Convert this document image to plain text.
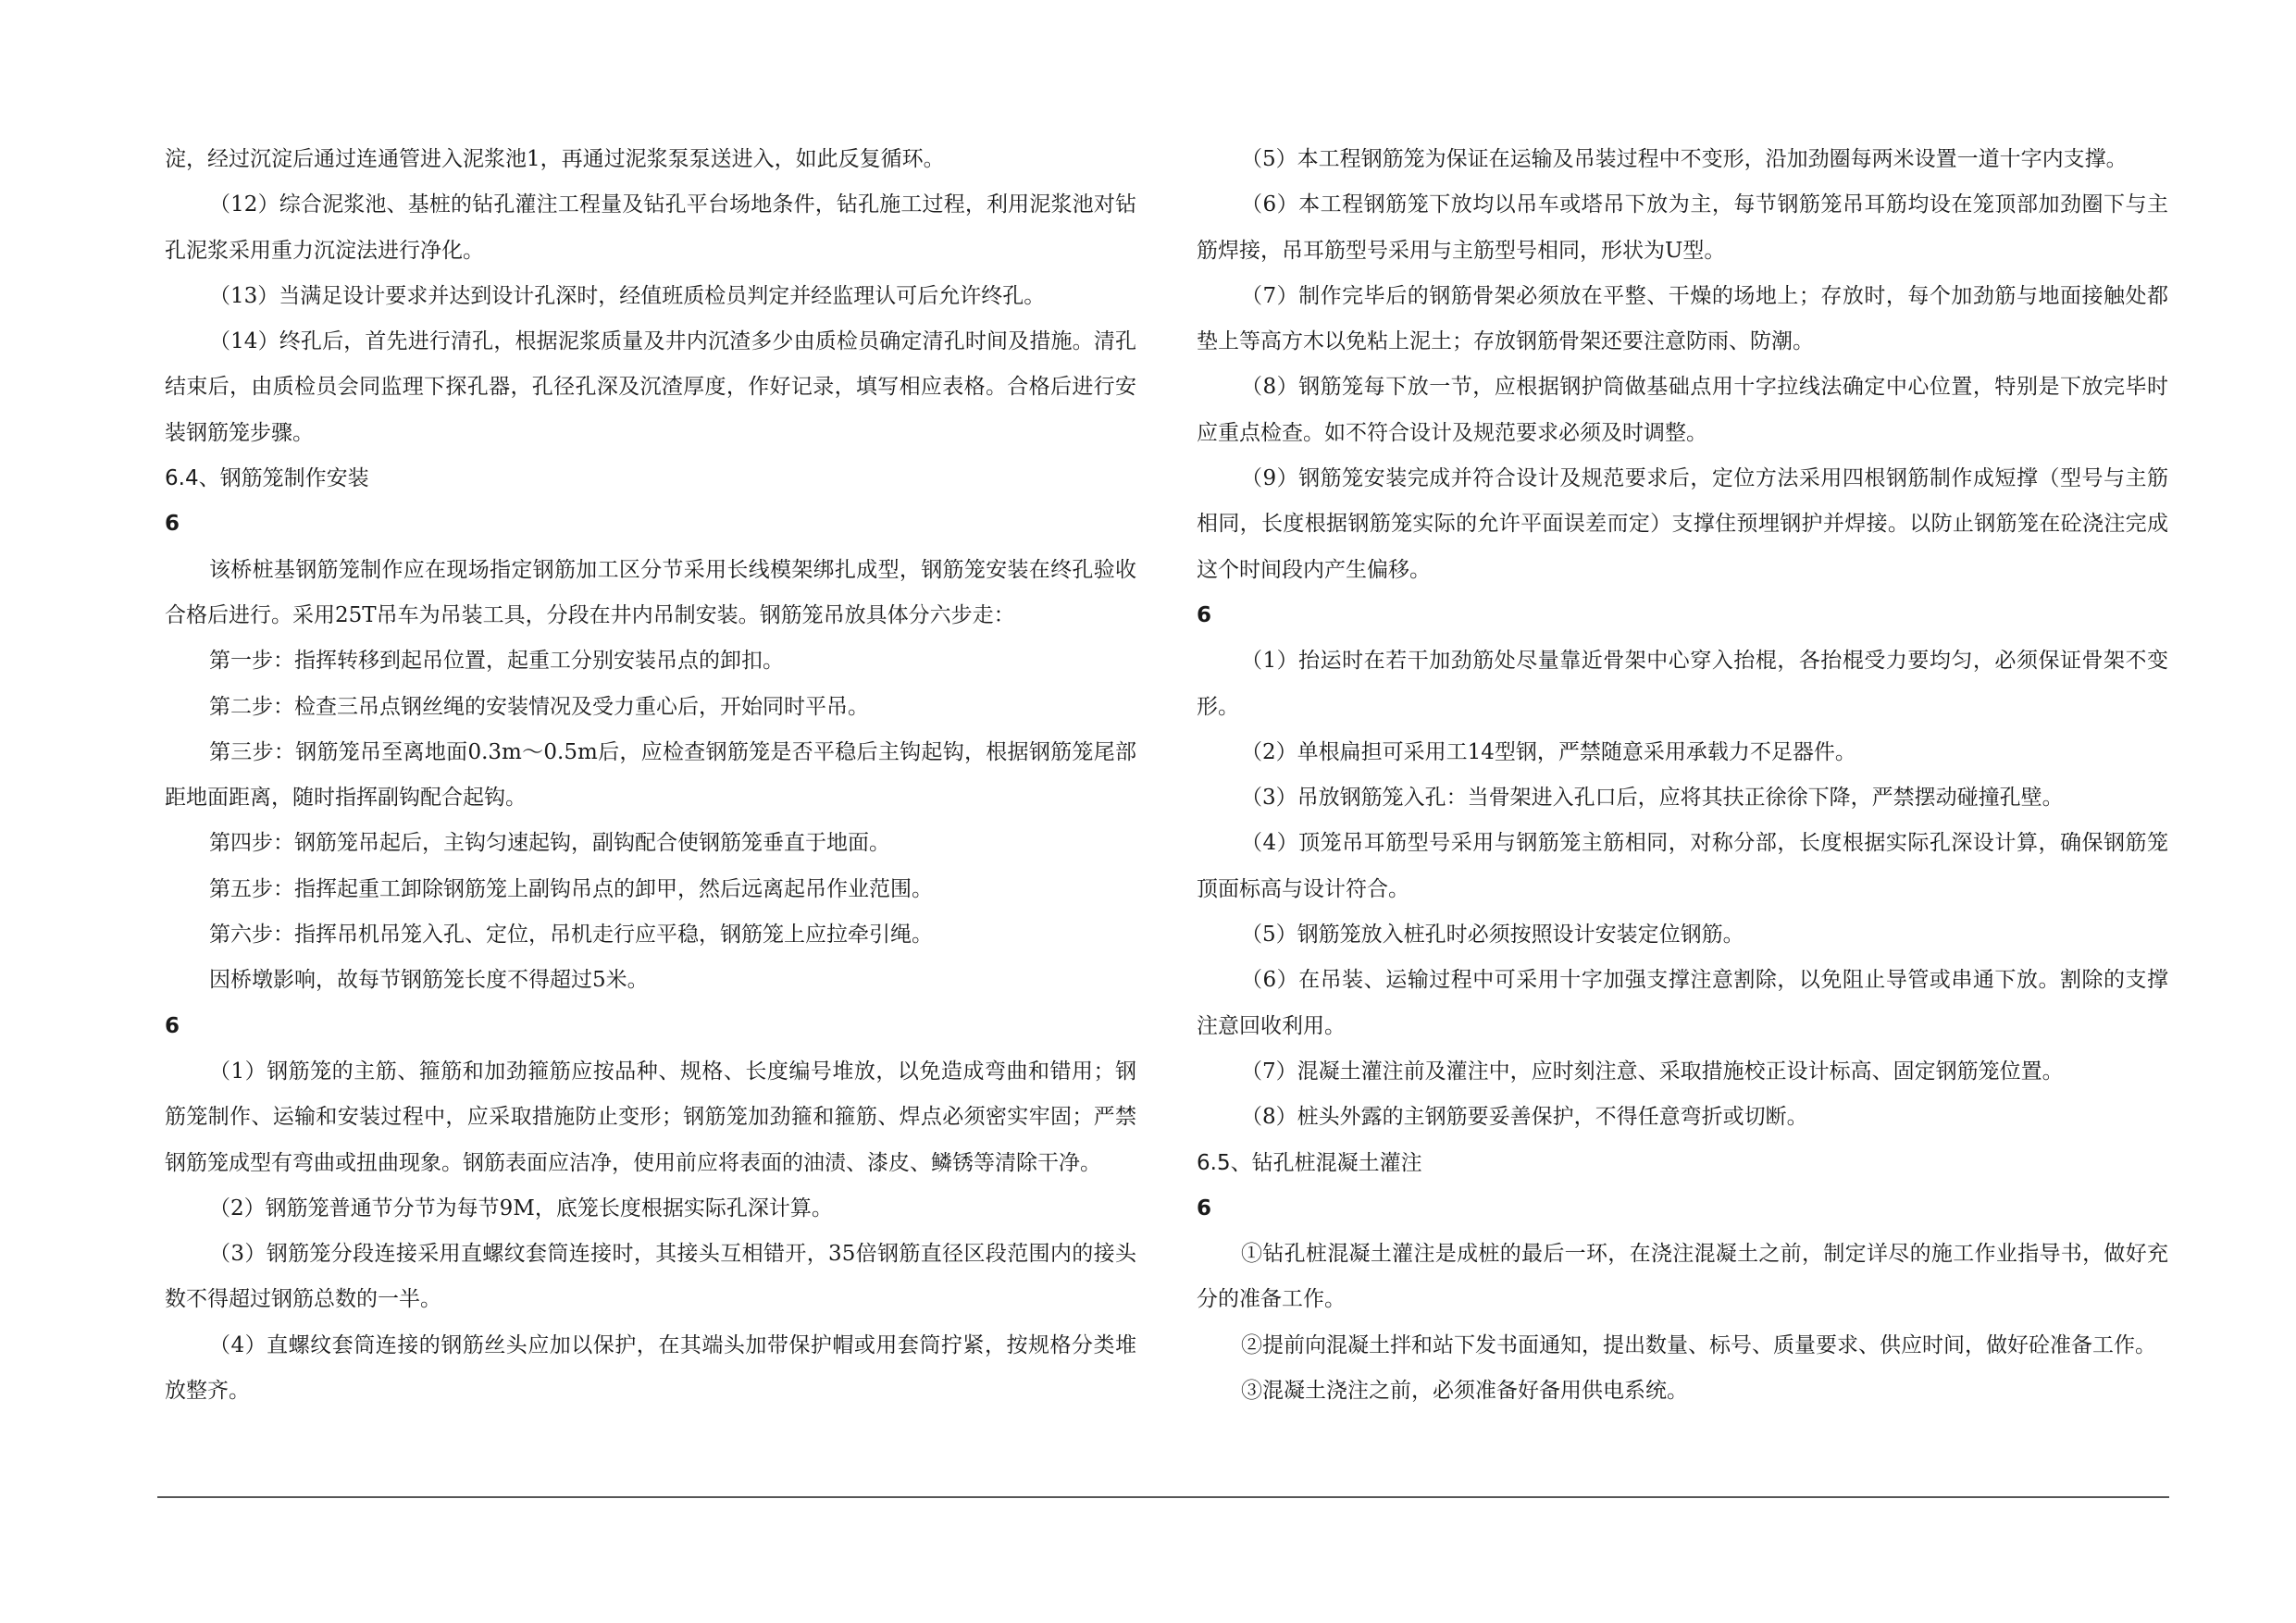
淀，经过沉淀后通过连通管进入泥浆池1，再通过泥浆泵泵送进入，如此反复循环。

（12）综合泥浆池、基桩的钻孔灌注工程量及钻孔平台场地条件，钻孔施工过程，利用泥浆池对钻孔泥浆采用重力沉淀法进行净化。

（13）当满足设计要求并达到设计孔深时，经值班质检员判定并经监理认可后允许终孔。

（14）终孔后，首先进行清孔，根据泥浆质量及井内沉渣多少由质检员确定清孔时间及措施。清孔结束后，由质检员会同监理下探孔器，孔径孔深及沉渣厚度，作好记录，填写相应表格。合格后进行安装钢筋笼步骤。

6.4、钢筋笼制作安装

6

该桥桩基钢筋笼制作应在现场指定钢筋加工区分节采用长线模架绑扎成型，钢筋笼安装在终孔验收合格后进行。采用25T吊车为吊装工具，分段在井内吊制安装。钢筋笼吊放具体分六步走：

第一步：指挥转移到起吊位置，起重工分别安装吊点的卸扣。

第二步：检查三吊点钢丝绳的安装情况及受力重心后，开始同时平吊。

第三步：钢筋笼吊至离地面0.3m～0.5m后，应检查钢筋笼是否平稳后主钩起钩，根据钢筋笼尾部距地面距离，随时指挥副钩配合起钩。

第四步：钢筋笼吊起后，主钩匀速起钩，副钩配合使钢筋笼垂直于地面。

第五步：指挥起重工卸除钢筋笼上副钩吊点的卸甲，然后远离起吊作业范围。

第六步：指挥吊机吊笼入孔、定位，吊机走行应平稳，钢筋笼上应拉牵引绳。

因桥墩影响，故每节钢筋笼长度不得超过5米。

6

（1）钢筋笼的主筋、箍筋和加劲箍筋应按品种、规格、长度编号堆放，以免造成弯曲和错用；钢筋笼制作、运输和安装过程中，应采取措施防止变形；钢筋笼加劲箍和箍筋、焊点必须密实牢固；严禁钢筋笼成型有弯曲或扭曲现象。钢筋表面应洁净，使用前应将表面的油渍、漆皮、鳞锈等清除干净。

（2）钢筋笼普通节分节为每节9M，底笼长度根据实际孔深计算。

（3）钢筋笼分段连接采用直螺纹套筒连接时，其接头互相错开，35倍钢筋直径区段范围内的接头数不得超过钢筋总数的一半。

（4）直螺纹套筒连接的钢筋丝头应加以保护，在其端头加带保护帽或用套筒拧紧，按规格分类堆放整齐。

（5）本工程钢筋笼为保证在运输及吊装过程中不变形，沿加劲圈每两米设置一道十字内支撑。

（6）本工程钢筋笼下放均以吊车或塔吊下放为主，每节钢筋笼吊耳筋均设在笼顶部加劲圈下与主筋焊接，吊耳筋型号采用与主筋型号相同，形状为U型。

（7）制作完毕后的钢筋骨架必须放在平整、干燥的场地上；存放时，每个加劲筋与地面接触处都垫上等高方木以免粘上泥土；存放钢筋骨架还要注意防雨、防潮。

（8）钢筋笼每下放一节，应根据钢护筒做基础点用十字拉线法确定中心位置，特别是下放完毕时应重点检查。如不符合设计及规范要求必须及时调整。

（9）钢筋笼安装完成并符合设计及规范要求后，定位方法采用四根钢筋制作成短撑（型号与主筋相同，长度根据钢筋笼实际的允许平面误差而定）支撑住预埋钢护并焊接。以防止钢筋笼在砼浇注完成这个时间段内产生偏移。

6

（1）抬运时在若干加劲筋处尽量靠近骨架中心穿入抬棍，各抬棍受力要均匀，必须保证骨架不变形。

（2）单根扁担可采用工14型钢，严禁随意采用承载力不足器件。

（3）吊放钢筋笼入孔：当骨架进入孔口后，应将其扶正徐徐下降，严禁摆动碰撞孔壁。

（4）顶笼吊耳筋型号采用与钢筋笼主筋相同，对称分部，长度根据实际孔深设计算，确保钢筋笼顶面标高与设计符合。

（5）钢筋笼放入桩孔时必须按照设计安装定位钢筋。

（6）在吊装、运输过程中可采用十字加强支撑注意割除，以免阻止导管或串通下放。割除的支撑注意回收利用。

（7）混凝土灌注前及灌注中，应时刻注意、采取措施校正设计标高、固定钢筋笼位置。

（8）桩头外露的主钢筋要妥善保护，不得任意弯折或切断。

6.5、钻孔桩混凝土灌注

6

①钻孔桩混凝土灌注是成桩的最后一环，在浇注混凝土之前，制定详尽的施工作业指导书，做好充分的准备工作。

②提前向混凝土拌和站下发书面通知，提出数量、标号、质量要求、供应时间，做好砼准备工作。

③混凝土浇注之前，必须准备好备用供电系统。
